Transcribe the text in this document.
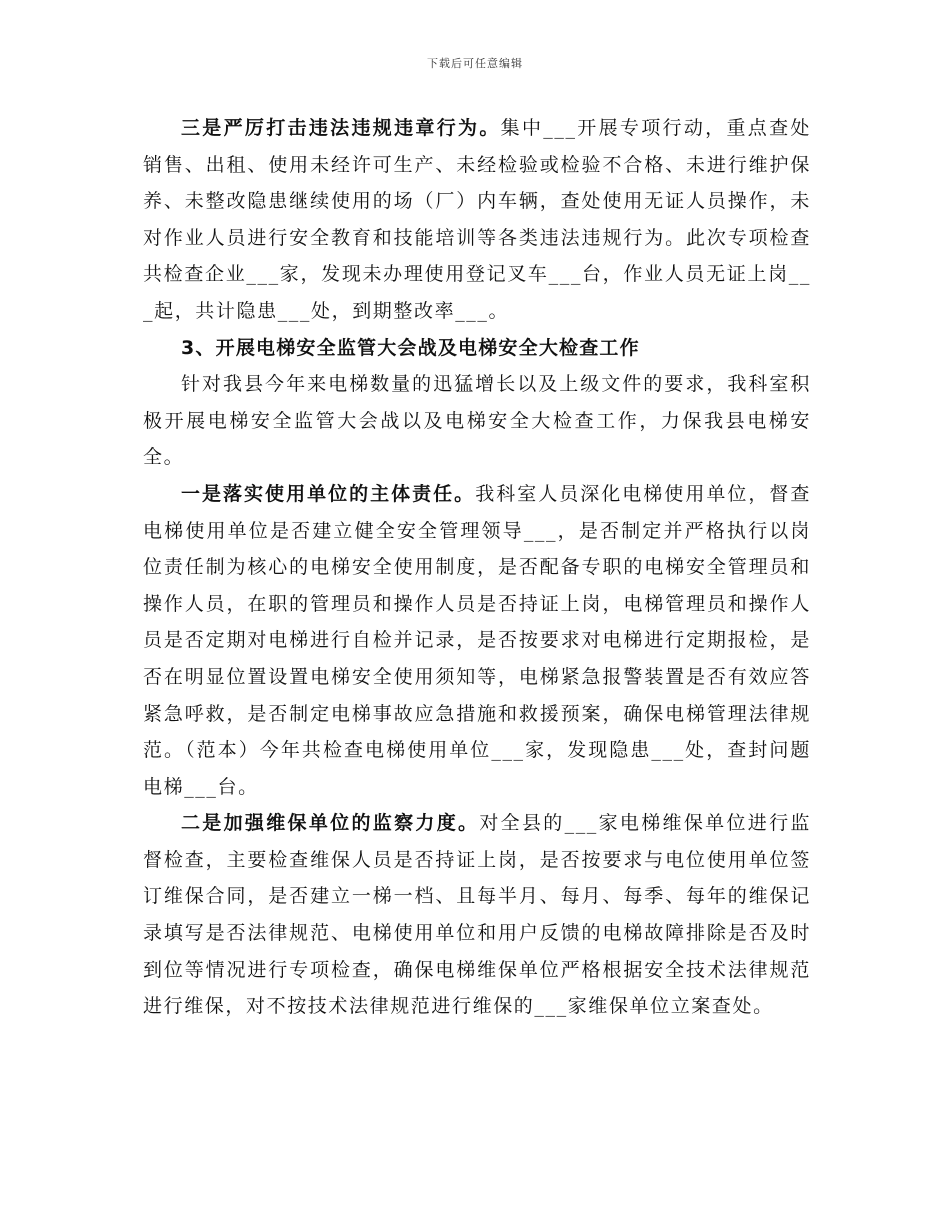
下载后可任意编辑

三是严厉打击违法违规违章行为。集中___开展专项行动，重点查处销售、出租、使用未经许可生产、未经检验或检验不合格、未进行维护保养、未整改隐患继续使用的场（厂）内车辆，查处使用无证人员操作，未对作业人员进行安全教育和技能培训等各类违法违规行为。此次专项检查共检查企业___家，发现未办理使用登记叉车___台，作业人员无证上岗___起，共计隐患___处，到期整改率___。

3、开展电梯安全监管大会战及电梯安全大检查工作

针对我县今年来电梯数量的迅猛增长以及上级文件的要求，我科室积极开展电梯安全监管大会战以及电梯安全大检查工作，力保我县电梯安全。

一是落实使用单位的主体责任。我科室人员深化电梯使用单位，督查电梯使用单位是否建立健全安全管理领导___，是否制定并严格执行以岗位责任制为核心的电梯安全使用制度，是否配备专职的电梯安全管理员和操作人员，在职的管理员和操作人员是否持证上岗，电梯管理员和操作人员是否定期对电梯进行自检并记录，是否按要求对电梯进行定期报检，是否在明显位置设置电梯安全使用须知等，电梯紧急报警装置是否有效应答紧急呼救，是否制定电梯事故应急措施和救援预案，确保电梯管理法律规范。（范本）今年共检查电梯使用单位___家，发现隐患___处，查封问题电梯___台。

二是加强维保单位的监察力度。对全县的___家电梯维保单位进行监督检查，主要检查维保人员是否持证上岗，是否按要求与电位使用单位签订维保合同，是否建立一梯一档、且每半月、每月、每季、每年的维保记录填写是否法律规范、电梯使用单位和用户反馈的电梯故障排除是否及时到位等情况进行专项检查，确保电梯维保单位严格根据安全技术法律规范进行维保，对不按技术法律规范进行维保的___家维保单位立案查处。
